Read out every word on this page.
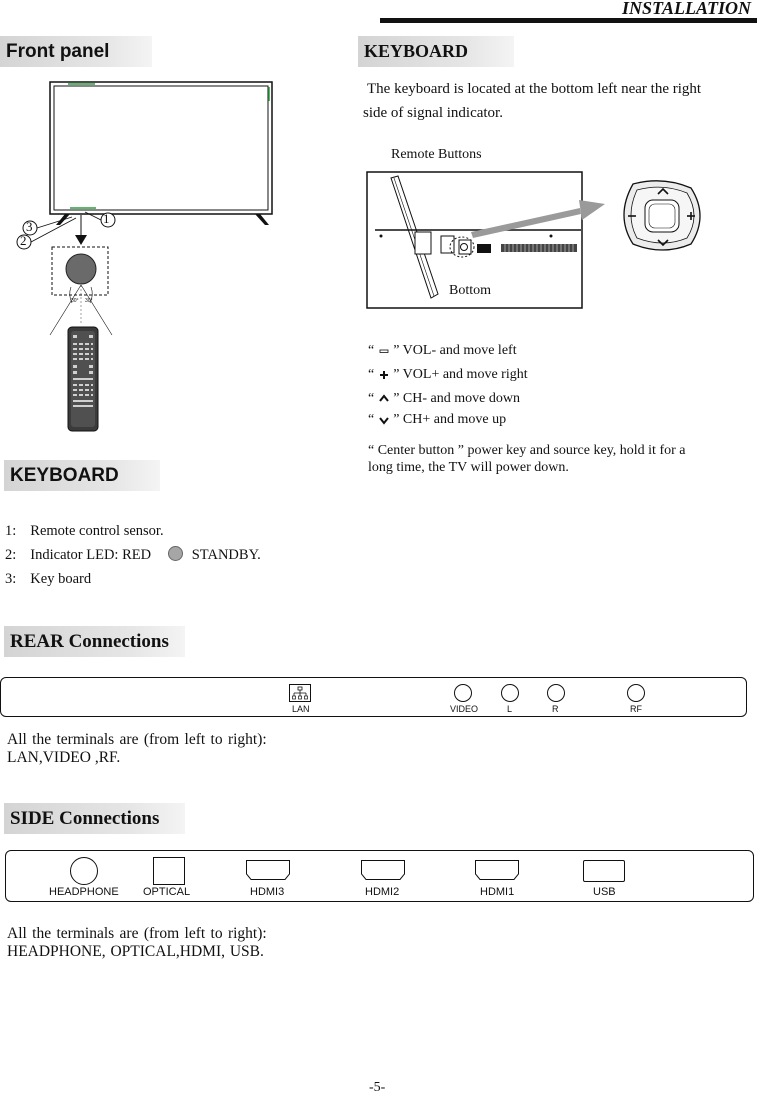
INSTALLATION
Front panel
1
3
2
30° 30°
KEYBOARD
The keyboard is located at the bottom left near the right
side of signal indicator.
Remote Buttons
Bottom
“ ” VOL- and move left
“ ” VOL+ and move right
“ ” CH- and move down
“ ” CH+ and move up
“ Center button ” power key and source key, hold it for a
long time, the TV will power down.
KEYBOARD
1: Remote control sensor.
2: Indicator LED: RED	STANDBY.
3: Key board
REAR Connections
LAN	VIDEO	L	R	RF
All the terminals are (from left to right):
LAN,VIDEO ,RF.
SIDE Connections
HEADPHONE OPTICAL	HDMI3	HDMI2	HDMI1	USB
All the terminals are (from left to right):
HEADPHONE, OPTICAL,HDMI, USB.
-5-
